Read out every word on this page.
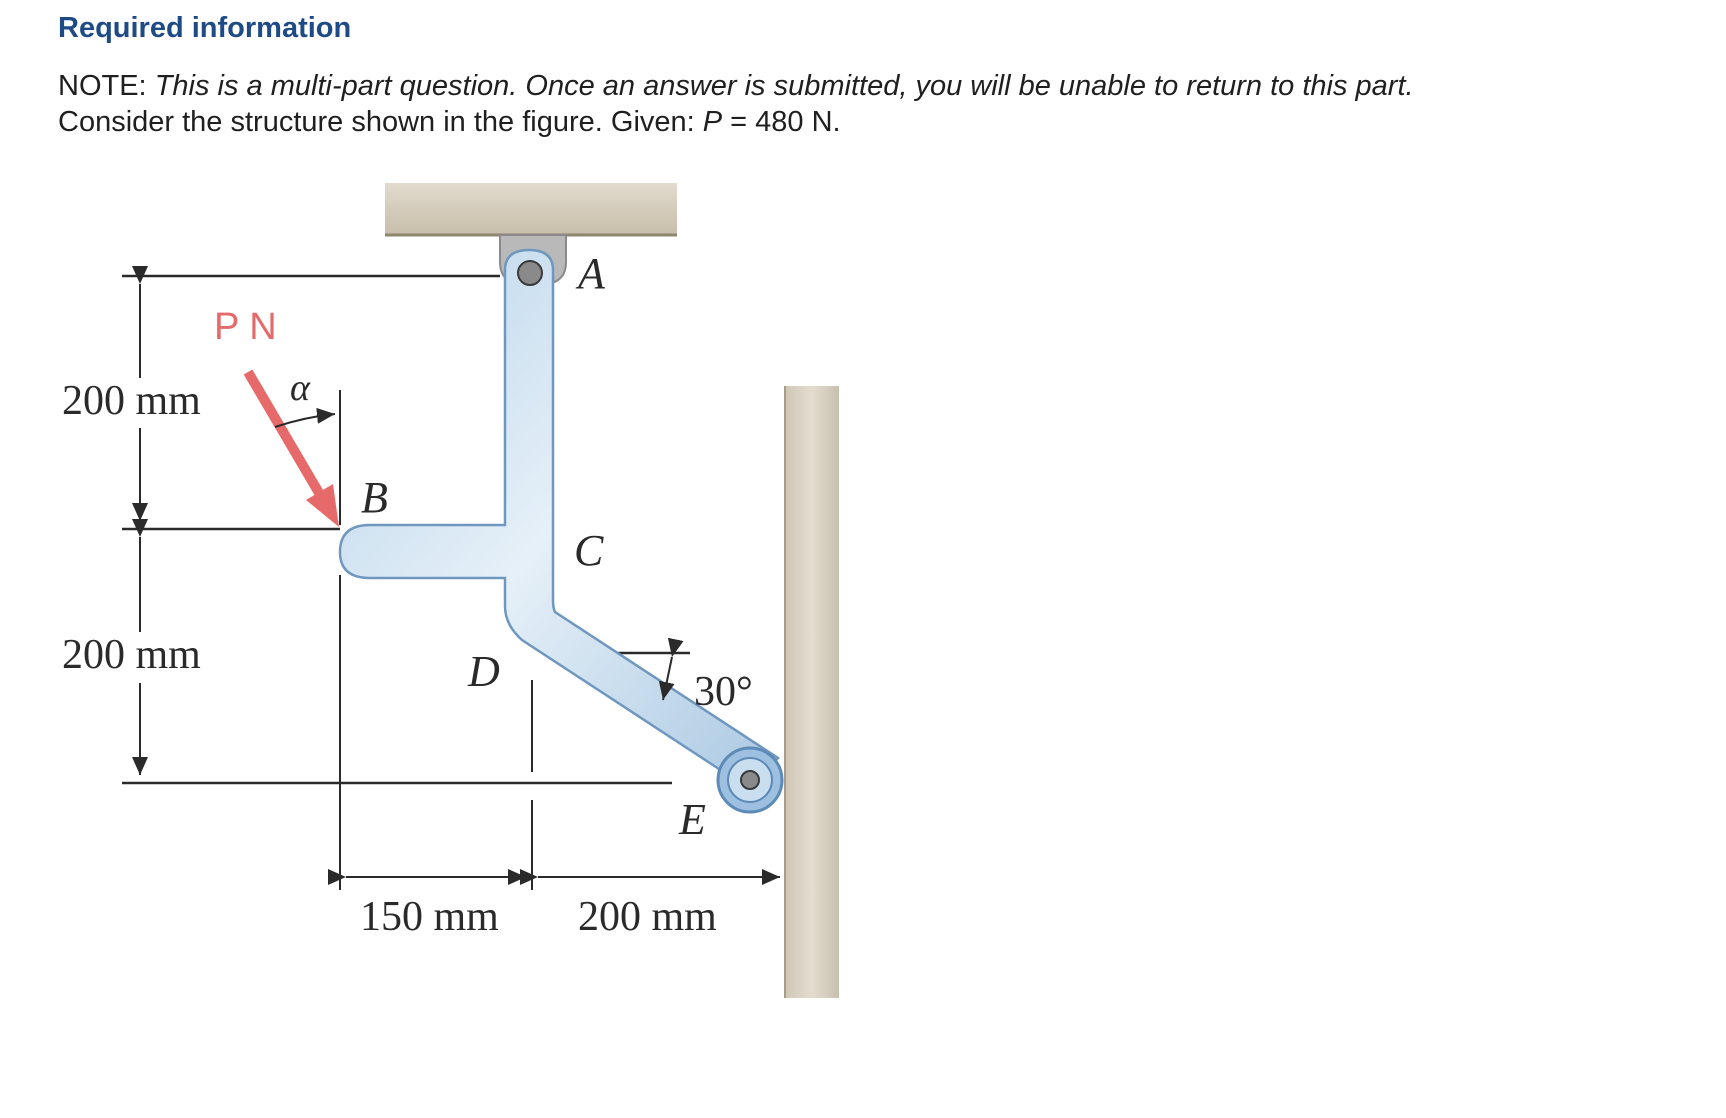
Required information
NOTE: This is a multi-part question. Once an answer is submitted, you will be unable to return to this part.
Consider the structure shown in the figure. Given: P = 480 N.
P N
α
A
B
C
D
E
200 mm
200 mm
150 mm 200 mm
30°
